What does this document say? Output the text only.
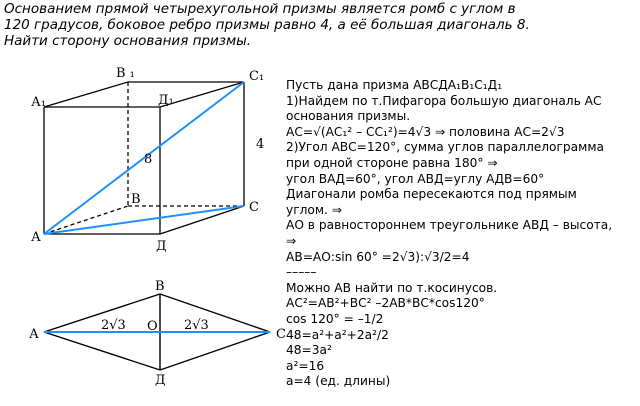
Основанием прямой четырехугольной призмы является ромб с углом в
120 градусов, боковое ребро призмы равно 4, а её большая диагональ 8.
Найти сторону основания призмы.
А₁
В ₁	С₁
Д₁
А
В
С
Д
4
8
А
В
С
Д
О
2√3	2√3
Пусть дана призма АВСДА₁В₁С₁Д₁
1)Найдем по т.Пифагора большую диагональ АС
основания призмы.
АС=√(АС₁² – СС₁²)=4√3 ⇒ половина АС=2√3
2)Угол АВС=120°, сумма углов параллелограмма
при одной стороне равна 180° ⇒
угол ВАД=60°, угол АВД=углу АДВ=60°
Диагонали ромба пересекаются под прямым
углом. ⇒
АО в равностороннем треугольнике АВД – высота,
⇒
АВ=АО:sin 60° =2√3):√3/2=4
–––––
Можно АВ найти по т.косинусов.
АС²=АВ²+ВС² –2АВ*ВС*cos120°
cos 120° = –1/2
48=a²+a²+2a²/2
48=3a²
a²=16
a=4 (ед. длины)
